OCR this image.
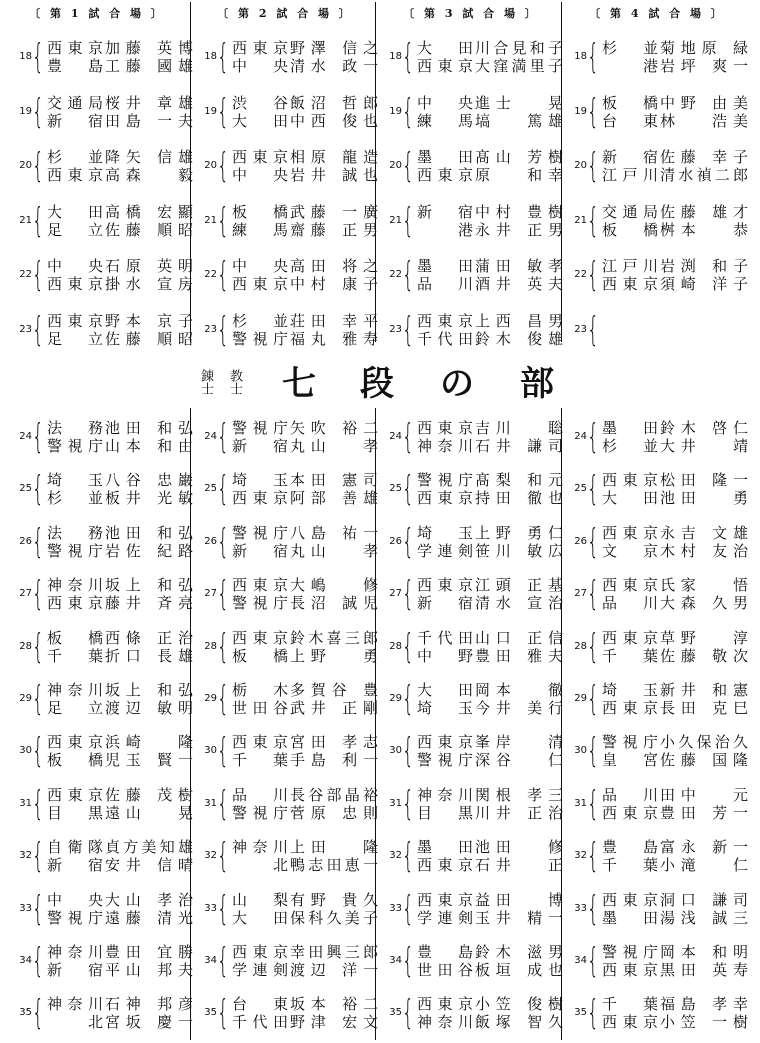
〔 第 1 試 合 場 〕	〔 第 2 試 合 場 〕	〔 第 3 試 合 場 〕	〔 第 4 試 合 場 〕
錬士 教士 七 段 の 部
18 { 西東京 加藤 英博
豊　島 工藤 國雄
19 { 交通局 桜井 章雄
新　宿 田島 一夫
20 { 杉　並 降矢 信雄
西東京 高森　 毅
21 { 大　田 高橋 宏顯
足　立 佐藤 順昭
22 { 中　央 石原 英明
西東京 掛水 宣房
23 { 西東京 野本 京子
足　立 佐藤 順昭
18 { 西東京 野澤 信之
中　央 清水 政一
19 { 渋　谷 飯沼 哲郎
大　田 中西 俊也
20 { 西東京 相原 龍造
中　央 岩井 誠也
21 { 板　橋 武藤 一廣
練　馬 齋藤 正男
22 { 中　央 高田 将之
西東京 中村 康子
23 { 杉　並 荘田 幸平
警視庁 福丸 雅寿
18 { 大　田 川合見和子
西東京 大窪満里子
19 { 中　央 進士　 晃
練　馬 塙　 篤雄
20 { 墨　田 髙山 芳樹
西東京 原　 和幸
21 { 新　宿 中村 豊樹
　港 永井 正男
22 { 墨　田 蒲田 敏孝
品　川 酒井 英夫
23 { 西東京 上西 昌男
千代田 鈴木 俊雄
18 { 杉　並 菊地原 緑
　港 岩坪 爽一
19 { 板　橋 中野 由美
台　東 林　 浩美
20 { 新　宿 佐藤 幸子
江戸川 清水禎二郎
21 { 交通局 佐藤 雄才
板　橋 桝本　 恭
22 { 江戸川 岩渕 和子
西東京 須崎 洋子
23 {
24 { 法　務 池田 和弘
警視庁 山本 和由
25 { 埼　玉 八谷 忠巌
杉　並 板井 光敏
26 { 法　務 池田 和弘
警視庁 岩佐 紀路
27 { 神奈川 坂上 和弘
西東京 藤井 斉亮
28 { 板　橋 西條 正治
千　葉 折口 長雄
29 { 神奈川 坂上 和弘
足　立 渡辺 敏明
30 { 西東京 浜崎　 隆
板　橋 児玉 賢一
31 { 西東京 佐藤 茂樹
目　黒 遠山　 晃
32 { 自衛隊 貞方美知雄
新　宿 安井 信晴
33 { 中　央 大山 孝治
警視庁 遠藤 清光
34 { 神奈川 豊田 宜勝
新　宿 平山 邦夫
35 { 神奈川 石神 邦彦
　北 宮坂 慶一
24 { 警視庁 矢吹 裕二
新　宿 丸山　 孝
25 { 埼　玉 本田 憲司
西東京 阿部 善雄
26 { 警視庁 八島 祐一
新　宿 丸山　 孝
27 { 西東京 大嶋　 修
警視庁 長沼 誠児
28 { 西東京 鈴木喜三郎
板　橋 上野　 勇
29 { 栃　木 多賀谷 豊
世田谷 武井 正剛
30 { 西東京 宮田 孝志
千　葉 手島 利一
31 { 品　川 長谷部晶裕
警視庁 菅原 忠則
32 { 神奈川 上田　 隆
　北 鴨志田恵一
33 { 山　梨 有野 貴久
大　田 保科久美子
34 { 西東京 幸田興三郎
学連剣 渡辺 洋一
35 { 台　東 坂本 裕二
千代田 野津 宏文
24 { 西東京 吉川　 聡
神奈川 石井 謙司
25 { 警視庁 髙梨 和元
西東京 持田 徹也
26 { 埼　玉 上野 勇仁
学連剣 笹川 敏広
27 { 西東京 江頭 正基
新　宿 清水 宣治
28 { 千代田 山口 正信
中　野 豊田 雅夫
29 { 大　田 岡本　 徹
埼　玉 今井 美行
30 { 西東京 峯岸　 清
警視庁 深谷　 仁
31 { 神奈川 関根 孝三
目　黒 川井 正治
32 { 墨　田 池田　 修
西東京 石井　 正
33 { 西東京 益田　 博
学連剣 玉井 精一
34 { 豊　島 鈴木 滋男
世田谷 板垣 成也
35 { 西東京 小笠 俊樹
神奈川 飯塚 智久
24 { 墨　田 鈴木 啓仁
杉　並 大井　 靖
25 { 西東京 松田 隆一
大　田 池田　 勇
26 { 西東京 永吉 文雄
文　京 木村 友治
27 { 西東京 氏家　 悟
品　川 大森 久男
28 { 西東京 草野　 淳
千　葉 佐藤 敬次
29 { 埼　玉 新井 和憲
西東京 長田 克巳
30 { 警視庁 小久保治久
皇　宮 佐藤 国隆
31 { 品　川 田中　 元
西東京 豊田 芳一
32 { 豊　島 富永 新一
千　葉 小滝　 仁
33 { 西東京 洞口 謙司
墨　田 湯浅 誠三
34 { 警視庁 岡本 和明
西東京 黒田 英寿
35 { 千　葉 福島 孝幸
西東京 小笠 一樹
